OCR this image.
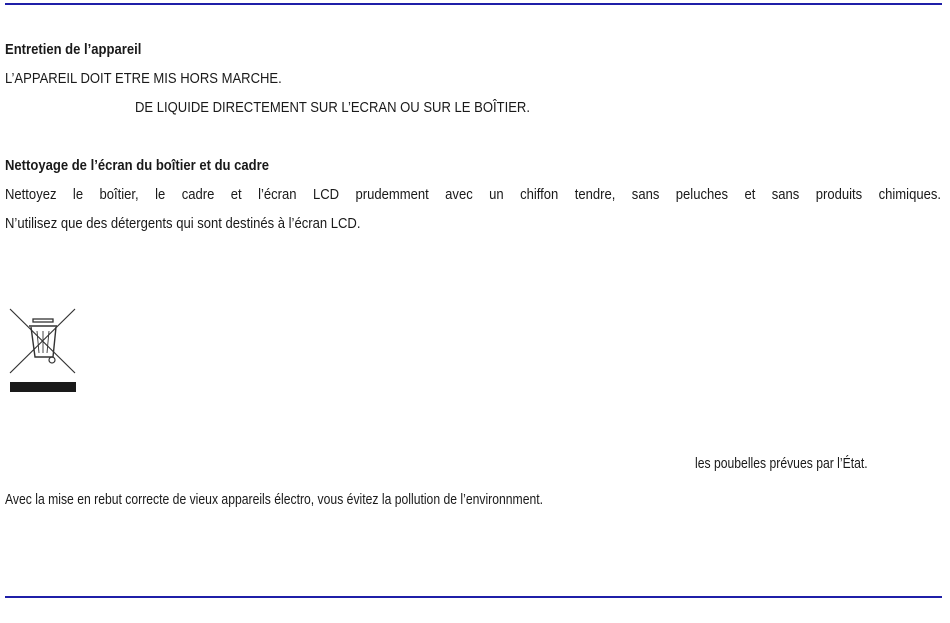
Entretien de l’appareil
L’APPAREIL DOIT ETRE MIS HORS MARCHE.
DE LIQUIDE DIRECTEMENT SUR L’ECRAN OU SUR LE BOÎTIER.
Nettoyage de l’écran du boîtier et du cadre
Nettoyez le boîtier, le cadre et l’écran LCD prudemment avec un chiffon tendre, sans peluches et sans produits chimiques.
N’utilisez que des détergents qui sont destinés à l’écran LCD.
les poubelles prévues par l’État.
Avec la mise en rebut correcte de vieux appareils électro, vous évitez la pollution de l’environnment.
